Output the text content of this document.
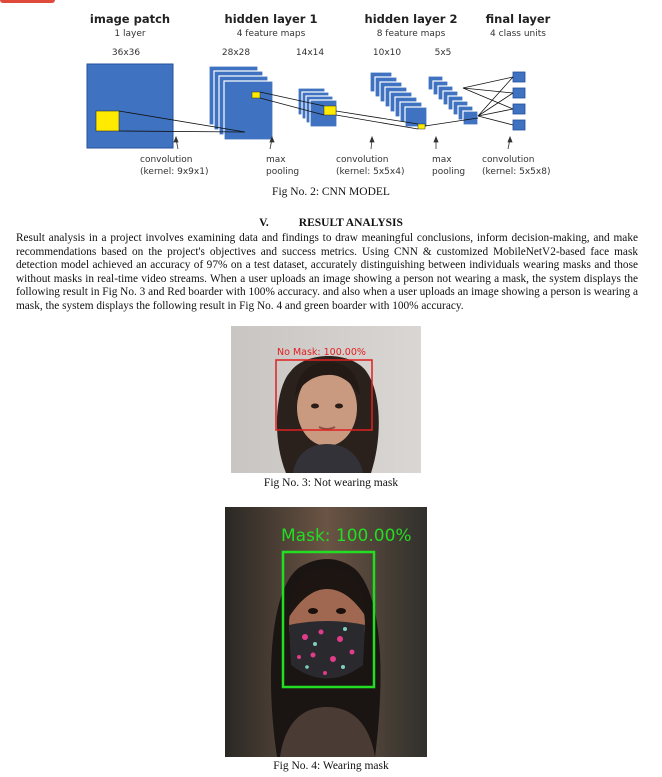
image patch
1 layer
36x36
hidden layer 1
4 feature maps
28x28	14x14
hidden layer 2
8 feature maps
10x10	5x5
final layer
4 class units
convolution
(kernel: 9x9x1)
max
pooling
convolution
(kernel: 5x5x4)
max
pooling
convolution
(kernel: 5x5x8)
Fig No. 2: CNN MODEL
V.	RESULT ANALYSIS

Result analysis in a project involves examining data and findings to draw meaningful conclusions, inform decision-making, and make recommendations based on the project's objectives and success metrics. Using CNN & customized MobileNetV2-based face mask detection model achieved an accuracy of 97% on a test dataset, accurately distinguishing between individuals wearing masks and those without masks in real-time video streams. When a user uploads an image showing a person not wearing a mask, the system displays the following result in Fig No. 3 and Red boarder with 100% accuracy. and also when a user uploads an image showing a person is wearing a mask, the system displays the following result in Fig No. 4 and green boarder with 100% accuracy.

No Mask: 100.00%
Fig No. 3: Not wearing mask
Mask: 100.00%
Fig No. 4: Wearing mask
